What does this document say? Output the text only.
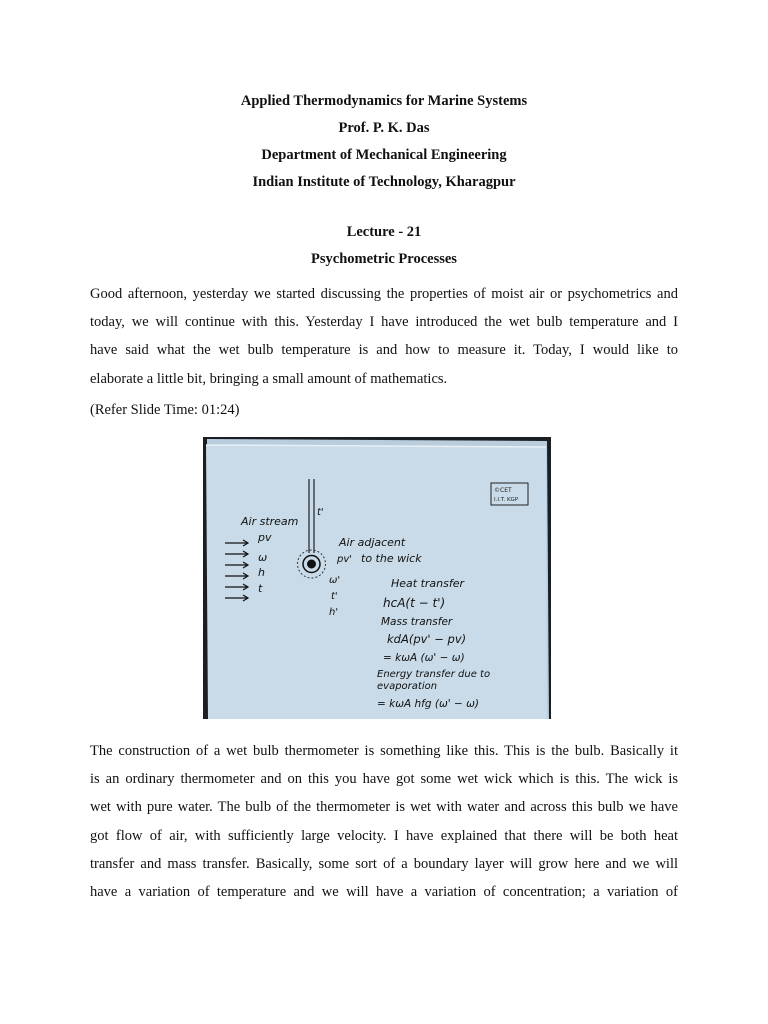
Applied Thermodynamics for Marine Systems
Prof. P. K. Das
Department of Mechanical Engineering
Indian Institute of Technology, Kharagpur
Lecture - 21
Psychometric Processes
Good afternoon, yesterday we started discussing the properties of moist air or psychometrics and
today, we will continue with this. Yesterday I have introduced the wet bulb temperature and I
have said what the wet bulb temperature is and how to measure it. Today, I would like to
elaborate a little bit, bringing a small amount of mathematics.
(Refer Slide Time: 01:24)
©CET
I.I.T. KGP
t'
Air stream
pv
ω
h
t
Air adjacent
pv' to the wick
ω'
t'
h'
Heat transfer
hcA(t − t')
Mass transfer
kdA(pv' − pv)
= kωA (ω' − ω)
Energy transfer due to
evaporation
= kωA hfg (ω' − ω)
The construction of a wet bulb thermometer is something like this. This is the bulb. Basically it
is an ordinary thermometer and on this you have got some wet wick which is this. The wick is
wet with pure water. The bulb of the thermometer is wet with water and across this bulb we have
got flow of air, with sufficiently large velocity. I have explained that there will be both heat
transfer and mass transfer. Basically, some sort of a boundary layer will grow here and we will
have a variation of temperature and we will have a variation of concentration; a variation of
